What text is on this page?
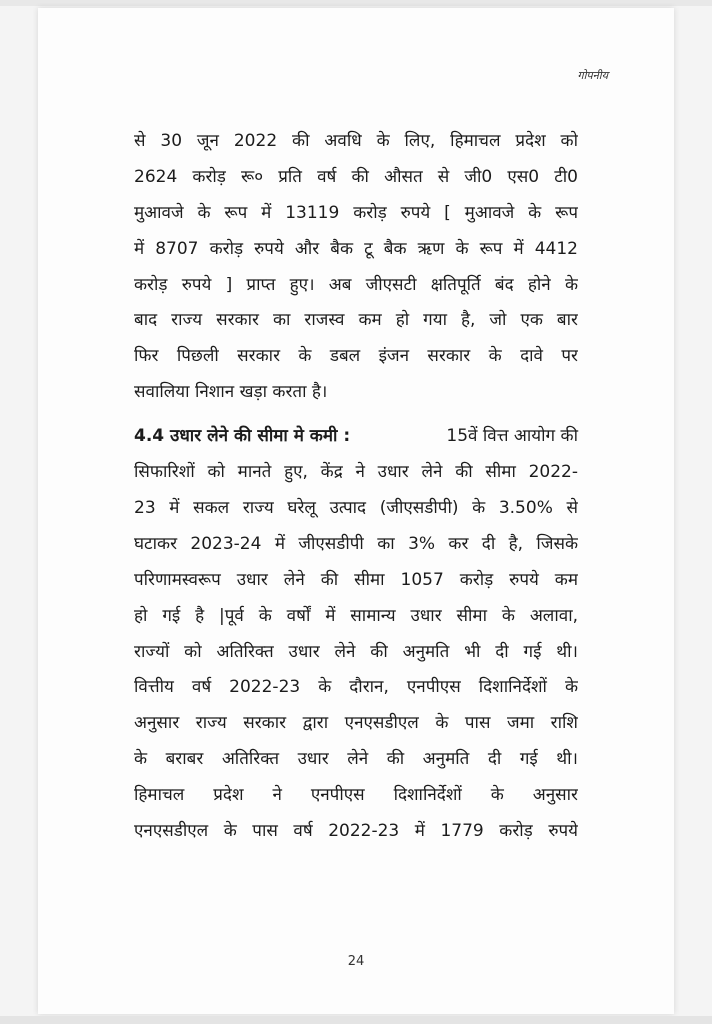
गोपनीय
से 30 जून 2022 की अवधि के लिए, हिमाचल प्रदेश को
2624 करोड़ रू० प्रति वर्ष की औसत से जी0 एस0 टी0
मुआवजे के रूप में 13119 करोड़ रुपये [ मुआवजे के रूप
में 8707 करोड़ रुपये और बैक टू बैक ऋण के रूप में 4412
करोड़ रुपये ] प्राप्त हुए। अब जीएसटी क्षतिपूर्ति बंद होने के
बाद राज्य सरकार का राजस्व कम हो गया है, जो एक बार
फिर पिछली सरकार के डबल इंजन सरकार के दावे पर
सवालिया निशान खड़ा करता है।
4.4 उधार लेने की सीमा मे कमी :	15वें वित्त आयोग की
सिफारिशों को मानते हुए, केंद्र ने उधार लेने की सीमा 2022-
23 में सकल राज्य घरेलू उत्पाद (जीएसडीपी) के 3.50% से
घटाकर 2023-24 में जीएसडीपी का 3% कर दी है, जिसके
परिणामस्वरूप उधार लेने की सीमा 1057 करोड़ रुपये कम
हो गई है |पूर्व के वर्षों में सामान्य उधार सीमा के अलावा,
राज्यों को अतिरिक्त उधार लेने की अनुमति भी दी गई थी।
वित्तीय वर्ष 2022-23 के दौरान, एनपीएस दिशानिर्देशों के
अनुसार राज्य सरकार द्वारा एनएसडीएल के पास जमा राशि
के बराबर अतिरिक्त उधार लेने की अनुमति दी गई थी।
हिमाचल प्रदेश ने एनपीएस दिशानिर्देशों के अनुसार
एनएसडीएल के पास वर्ष 2022-23 में 1779 करोड़ रुपये
24
